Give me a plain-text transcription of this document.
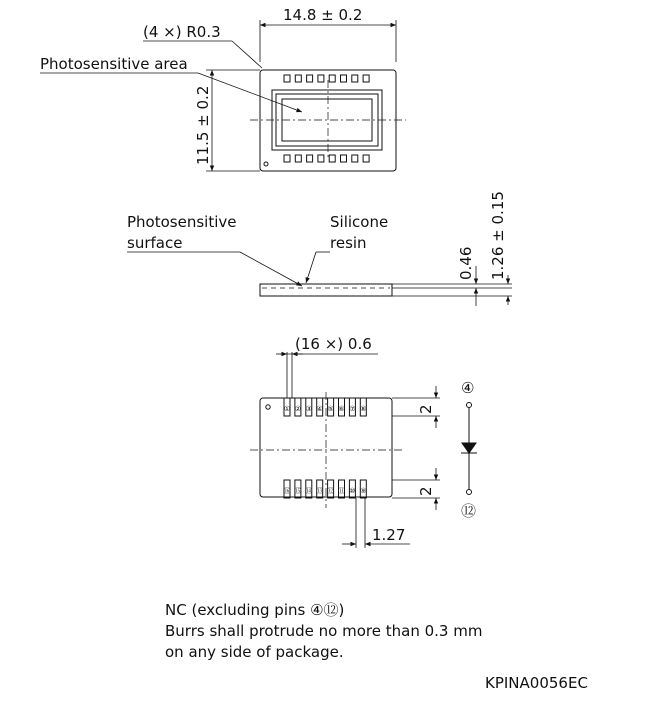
14.8 ± 0.2
(4 ×) R0.3
Photosensitive area
11.5 ± 0.2
Photosensitive
surface
Silicone
resin
0.46 1.26 ± 0.15
(16 ×) 0.6
① ② ③ ④ ⑤ ⑥ ⑦ ⑧
⑯ ⑮ ⑭ ⑬ ⑫ ⑪ ⑩ ⑨
2
2
1.27
④
⑫
NC (excluding pins ④⑫)
Burrs shall protrude no more than 0.3 mm
on any side of package.
KPINA0056EC
